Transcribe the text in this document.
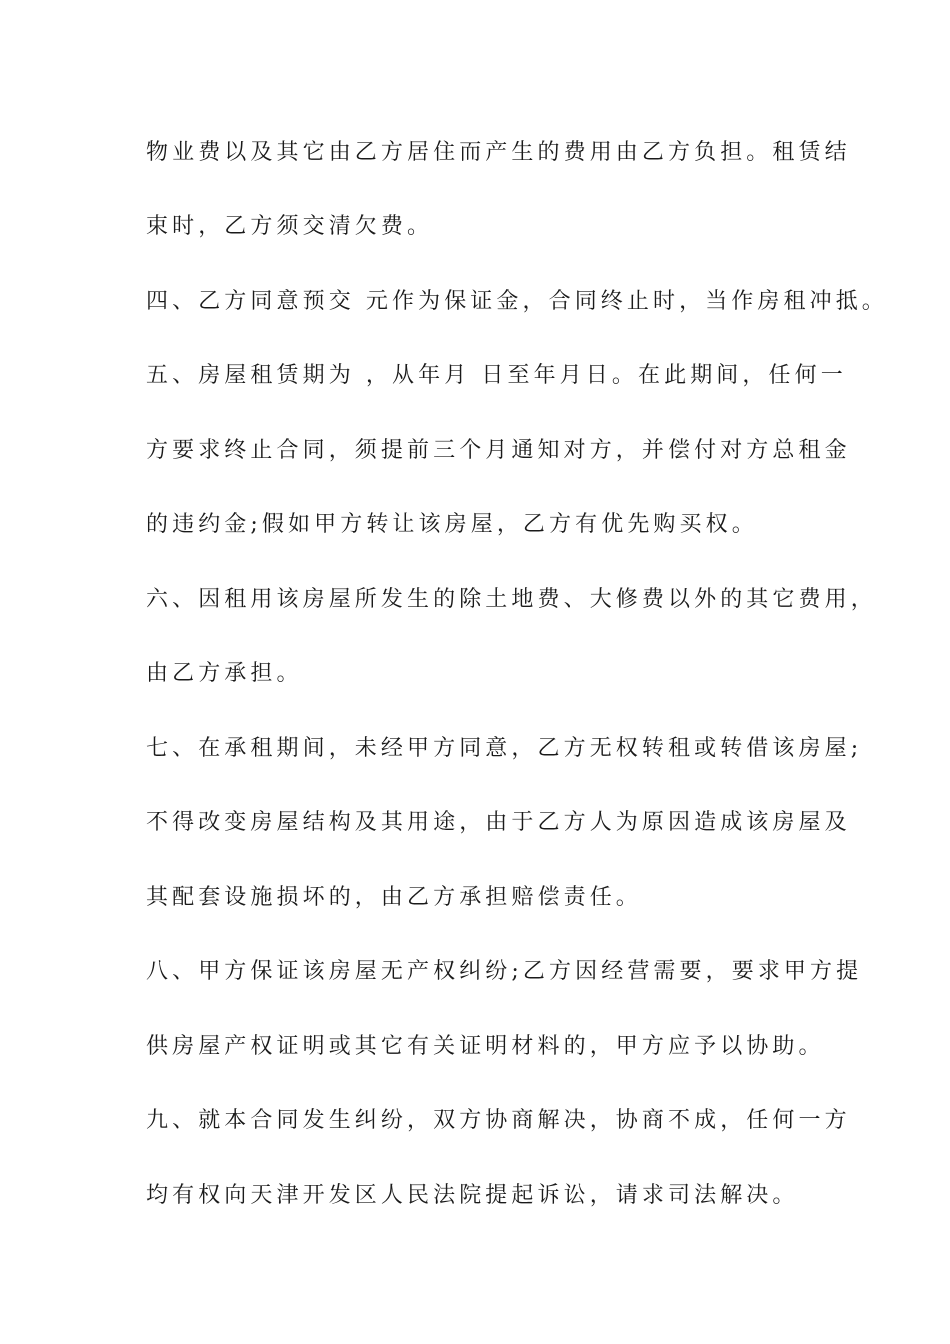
物业费以及其它由乙方居住而产生的费用由乙方负担。租赁结
束时，乙方须交清欠费。
四、乙方同意预交 元作为保证金，合同终止时，当作房租冲抵。
五、房屋租赁期为 ，从年月 日至年月日。在此期间，任何一
方要求终止合同，须提前三个月通知对方，并偿付对方总租金
的违约金;假如甲方转让该房屋，乙方有优先购买权。
六、因租用该房屋所发生的除土地费、大修费以外的其它费用，
由乙方承担。
七、在承租期间，未经甲方同意，乙方无权转租或转借该房屋;
不得改变房屋结构及其用途，由于乙方人为原因造成该房屋及
其配套设施损坏的，由乙方承担赔偿责任。
八、甲方保证该房屋无产权纠纷;乙方因经营需要，要求甲方提
供房屋产权证明或其它有关证明材料的，甲方应予以协助。
九、就本合同发生纠纷，双方协商解决，协商不成，任何一方
均有权向天津开发区人民法院提起诉讼，请求司法解决。
